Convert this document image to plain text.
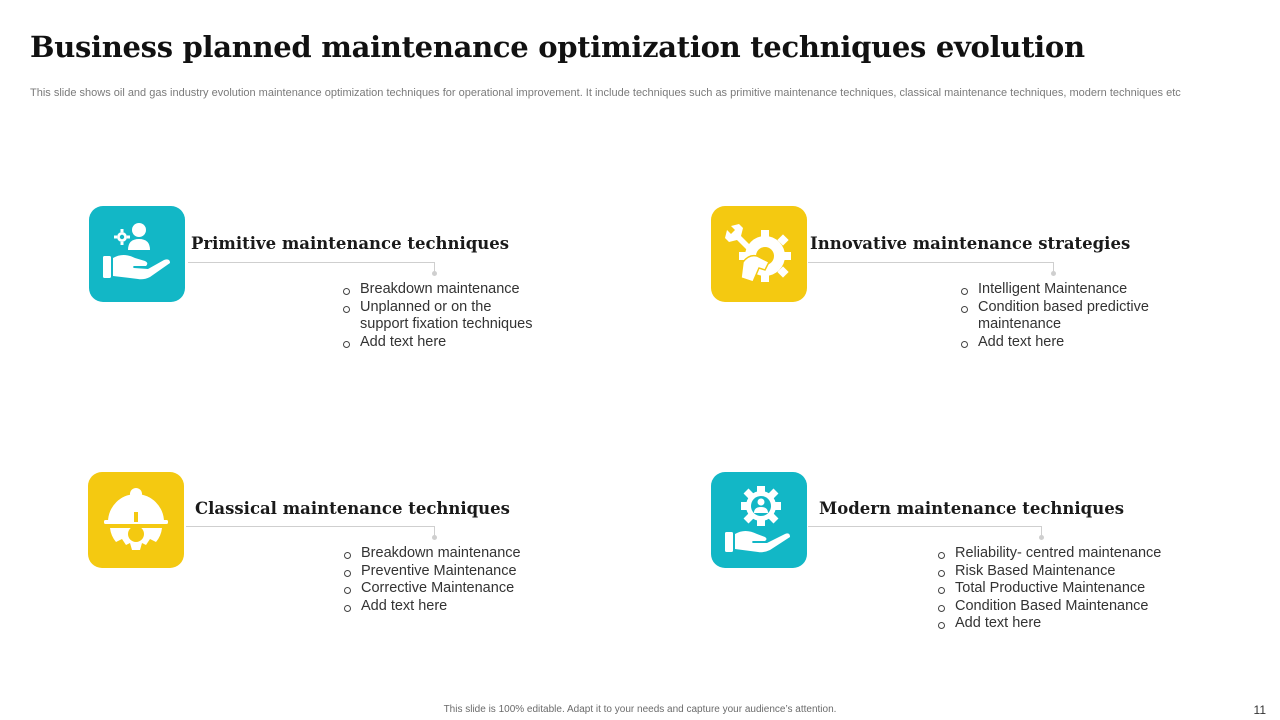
Business planned maintenance optimization techniques evolution
This slide shows oil and gas industry evolution maintenance optimization techniques for operational improvement. It include techniques such as primitive maintenance techniques, classical maintenance techniques, modern techniques etc
Primitive maintenance techniques
Breakdown maintenance
Unplanned or on the support fixation techniques
Add text here
Innovative maintenance strategies
Intelligent Maintenance
Condition based predictive maintenance
Add text here
Classical maintenance techniques
Breakdown maintenance
Preventive Maintenance
Corrective Maintenance
Add text here
Modern maintenance techniques
Reliability- centred maintenance
Risk Based Maintenance
Total Productive Maintenance
Condition Based Maintenance
Add text here
This slide is 100% editable. Adapt it to your needs and capture your audience’s attention.	11
